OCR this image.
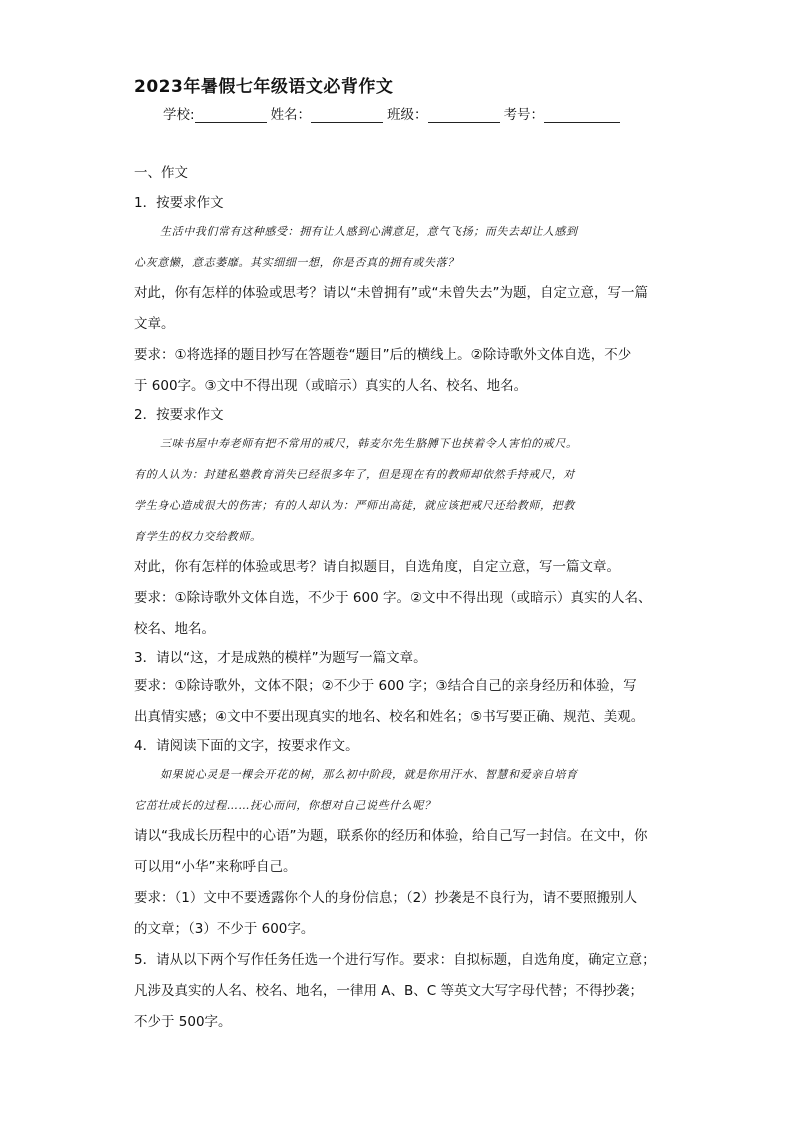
2023年暑假七年级语文必背作文
学校:	姓名：	班级：	考号：
一、作文
1．按要求作文
生活中我们常有这种感受：拥有让人感到心满意足，意气飞扬；而失去却让人感到
心灰意懒，意志萎靡。其实细细一想，你是否真的拥有或失落？
对此，你有怎样的体验或思考？请以“未曾拥有”或“未曾失去”为题，自定立意，写一篇
文章。
要求：①将选择的题目抄写在答题卷“题目”后的横线上。②除诗歌外文体自选，不少
于 600字。③文中不得出现（或暗示）真实的人名、校名、地名。
2．按要求作文
三味书屋中寿老师有把不常用的戒尺，韩麦尔先生胳膊下也挟着令人害怕的戒尺。
有的人认为：封建私塾教育消失已经很多年了，但是现在有的教师却依然手持戒尺，对
学生身心造成很大的伤害；有的人却认为：严师出高徒，就应该把戒尺还给教师，把教
育学生的权力交给教师。
对此，你有怎样的体验或思考？请自拟题目，自选角度，自定立意，写一篇文章。
要求：①除诗歌外文体自选，不少于 600 字。②文中不得出现（或暗示）真实的人名、
校名、地名。
3．请以“这，才是成熟的模样”为题写一篇文章。
要求：①除诗歌外，文体不限；②不少于 600 字；③结合自己的亲身经历和体验，写
出真情实感；④文中不要出现真实的地名、校名和姓名；⑤书写要正确、规范、美观。
4．请阅读下面的文字，按要求作文。
如果说心灵是一棵会开花的树，那么初中阶段，就是你用汗水、智慧和爱亲自培育
它茁壮成长的过程……抚心而问，你想对自己说些什么呢？
请以“我成长历程中的心语”为题，联系你的经历和体验，给自己写一封信。在文中，你
可以用“小华”来称呼自己。
要求：（1）文中不要透露你个人的身份信息；（2）抄袭是不良行为，请不要照搬别人
的文章；（3）不少于 600字。
5．请从以下两个写作任务任选一个进行写作。要求：自拟标题，自选角度，确定立意；
凡涉及真实的人名、校名、地名，一律用 A、B、C 等英文大写字母代替；不得抄袭；
不少于 500字。
